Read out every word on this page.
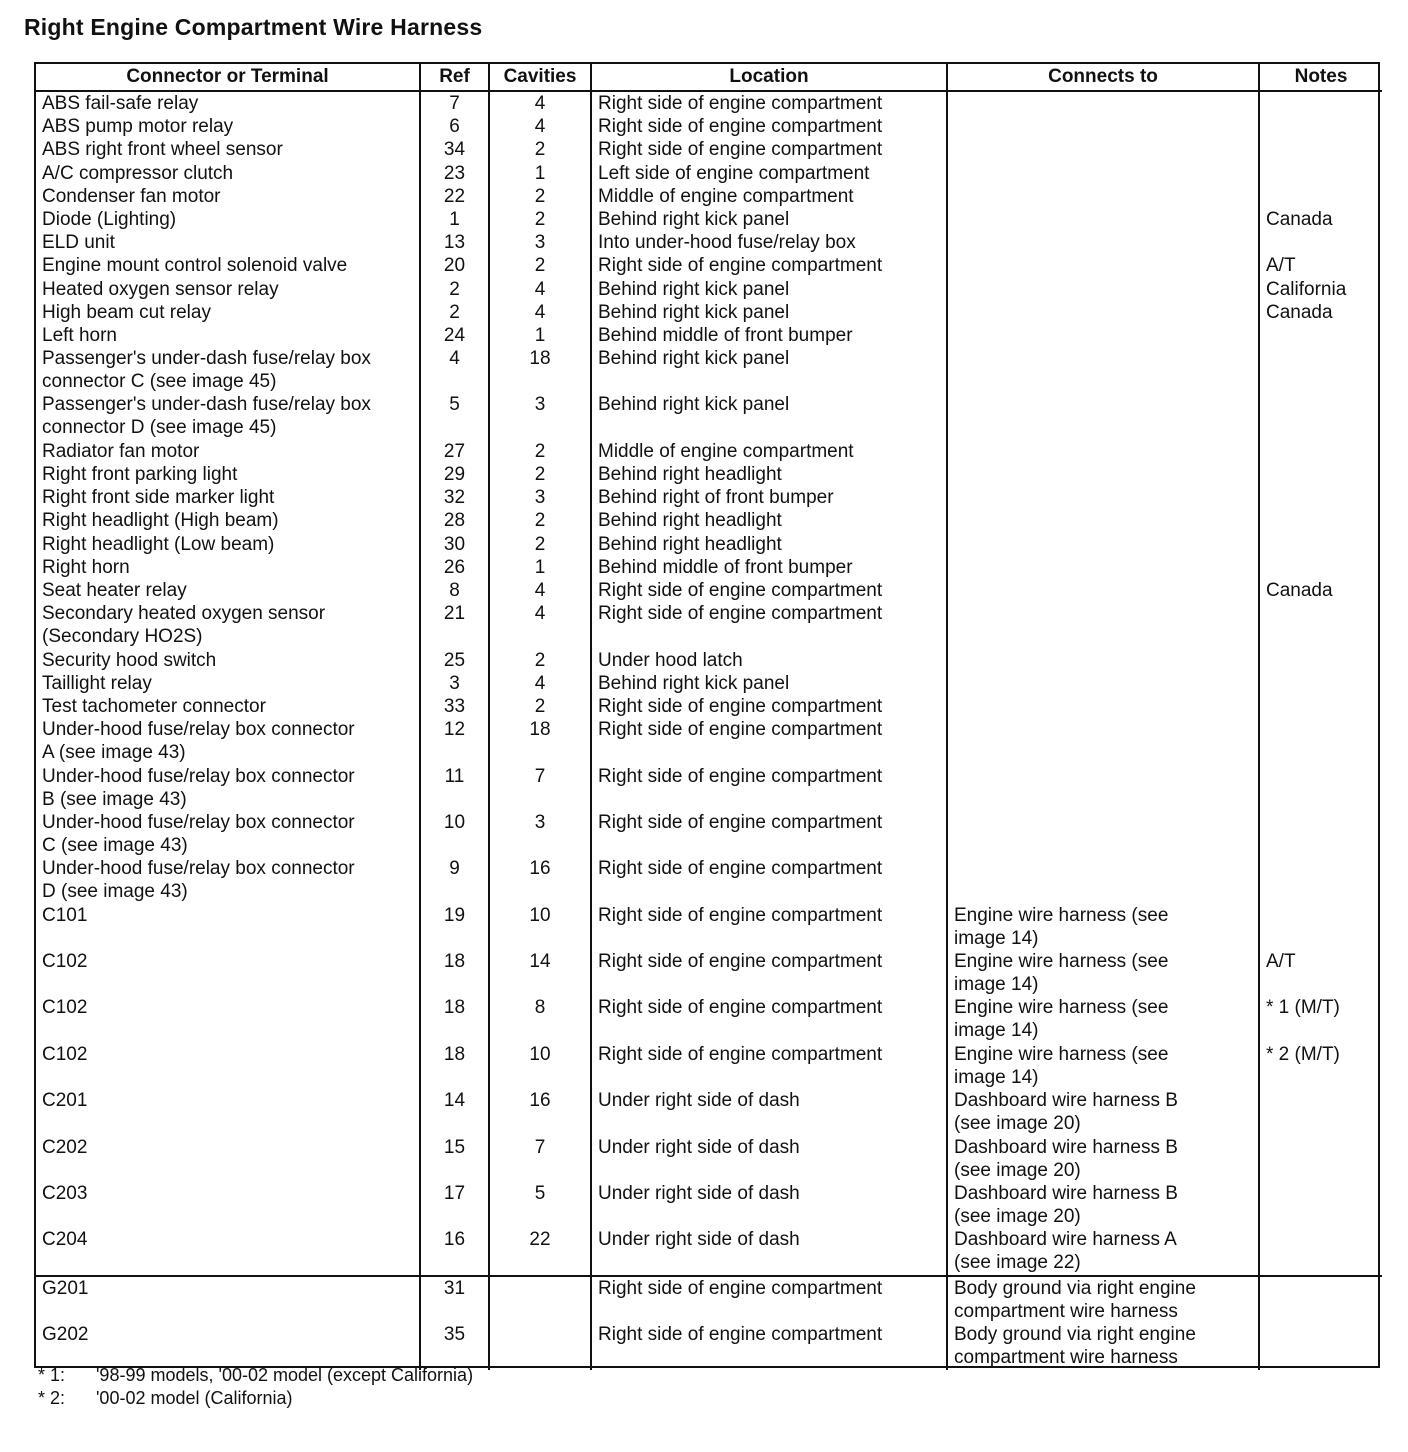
Right Engine Compartment Wire Harness
Connector or Terminal	Ref	Cavities	Location	Connects to	Notes

ABS fail-safe relay	7	4	Right side of engine compartment		

ABS pump motor relay	6	4	Right side of engine compartment		

ABS right front wheel sensor	34	2	Right side of engine compartment		

A/C compressor clutch	23	1	Left side of engine compartment		

Condenser fan motor	22	2	Middle of engine compartment		

Diode (Lighting)	1	2	Behind right kick panel		Canada

ELD unit	13	3	Into under-hood fuse/relay box		

Engine mount control solenoid valve	20	2	Right side of engine compartment		A/T

Heated oxygen sensor relay	2	4	Behind right kick panel		California

High beam cut relay	2	4	Behind right kick panel		Canada

Left horn	24	1	Behind middle of front bumper		

Passenger's under-dash fuse/relay box
connector C (see image 45)	4	18	Behind right kick panel		

Passenger's under-dash fuse/relay box
connector D (see image 45)	5	3	Behind right kick panel		

Radiator fan motor	27	2	Middle of engine compartment		

Right front parking light	29	2	Behind right headlight		

Right front side marker light	32	3	Behind right of front bumper		

Right headlight (High beam)	28	2	Behind right headlight		

Right headlight (Low beam)	30	2	Behind right headlight		

Right horn	26	1	Behind middle of front bumper		

Seat heater relay	8	4	Right side of engine compartment		Canada

Secondary heated oxygen sensor
(Secondary HO2S)	21	4	Right side of engine compartment		

Security hood switch	25	2	Under hood latch		

Taillight relay	3	4	Behind right kick panel		

Test tachometer connector	33	2	Right side of engine compartment		

Under-hood fuse/relay box connector
A (see image 43)	12	18	Right side of engine compartment		

Under-hood fuse/relay box connector
B (see image 43)	11	7	Right side of engine compartment		

Under-hood fuse/relay box connector
C (see image 43)	10	3	Right side of engine compartment		

Under-hood fuse/relay box connector
D (see image 43)	9	16	Right side of engine compartment		

C101	19	10	Right side of engine compartment	Engine wire harness (see
image 14)	

C102	18	14	Right side of engine compartment	Engine wire harness (see
image 14)	A/T

C102	18	8	Right side of engine compartment	Engine wire harness (see
image 14)	* 1 (M/T)

C102	18	10	Right side of engine compartment	Engine wire harness (see
image 14)	* 2 (M/T)

C201	14	16	Under right side of dash	Dashboard wire harness B
(see image 20)	

C202	15	7	Under right side of dash	Dashboard wire harness B
(see image 20)	

C203	17	5	Under right side of dash	Dashboard wire harness B
(see image 20)	

C204	16	22	Under right side of dash	Dashboard wire harness A
(see image 22)	

G201	31		Right side of engine compartment	Body ground via right engine
compartment wire harness	

G202	35		Right side of engine compartment	Body ground via right engine
compartment wire harness	

* 1:	'98-99 models, '00-02 model (except California)
* 2:	'00-02 model (California)
